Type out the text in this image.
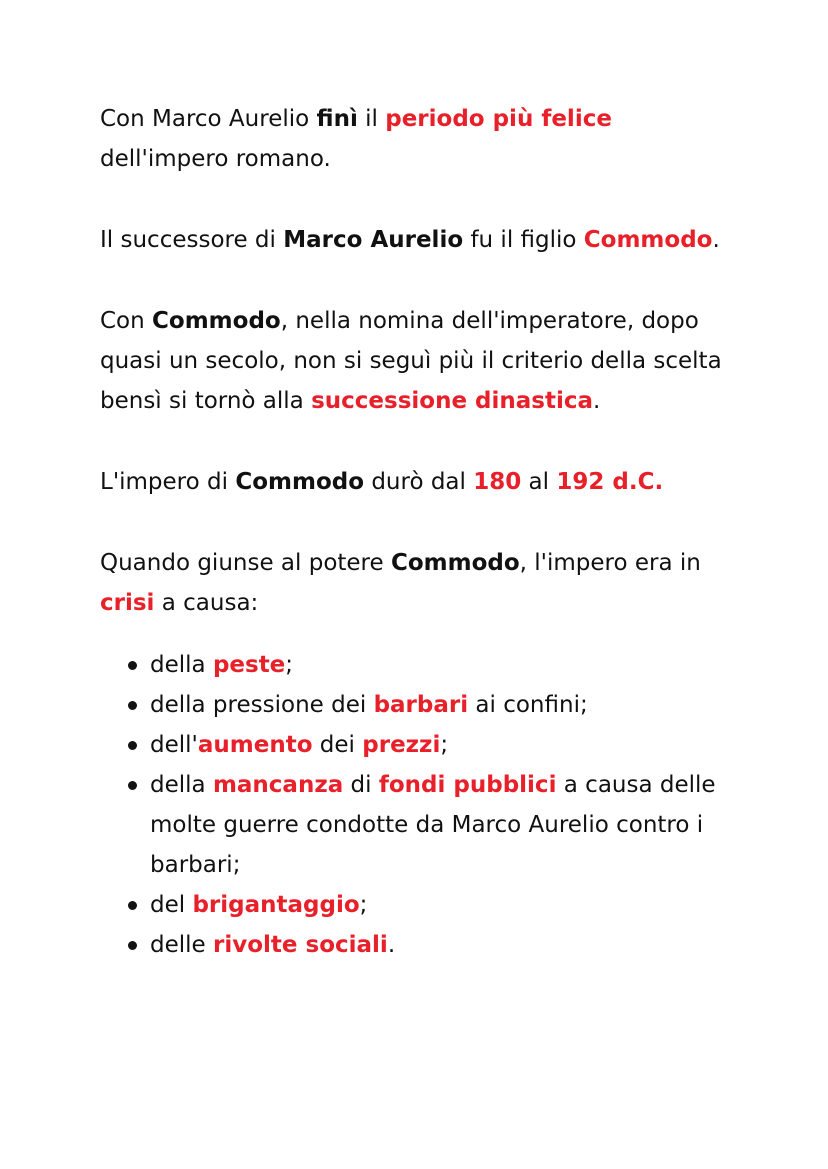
Con Marco Aurelio finì il periodo più felice
dell'impero romano.

Il successore di Marco Aurelio fu il figlio Commodo.

Con Commodo, nella nomina dell'imperatore, dopo
quasi un secolo, non si seguì più il criterio della scelta
bensì si tornò alla successione dinastica.

L'impero di Commodo durò dal 180 al 192 d.C.

Quando giunse al potere Commodo, l'impero era in
crisi a causa:

della peste;
della pressione dei barbari ai confini;
dell'aumento dei prezzi;
della mancanza di fondi pubblici a causa delle
molte guerre condotte da Marco Aurelio contro i
barbari;
del brigantaggio;
delle rivolte sociali.
